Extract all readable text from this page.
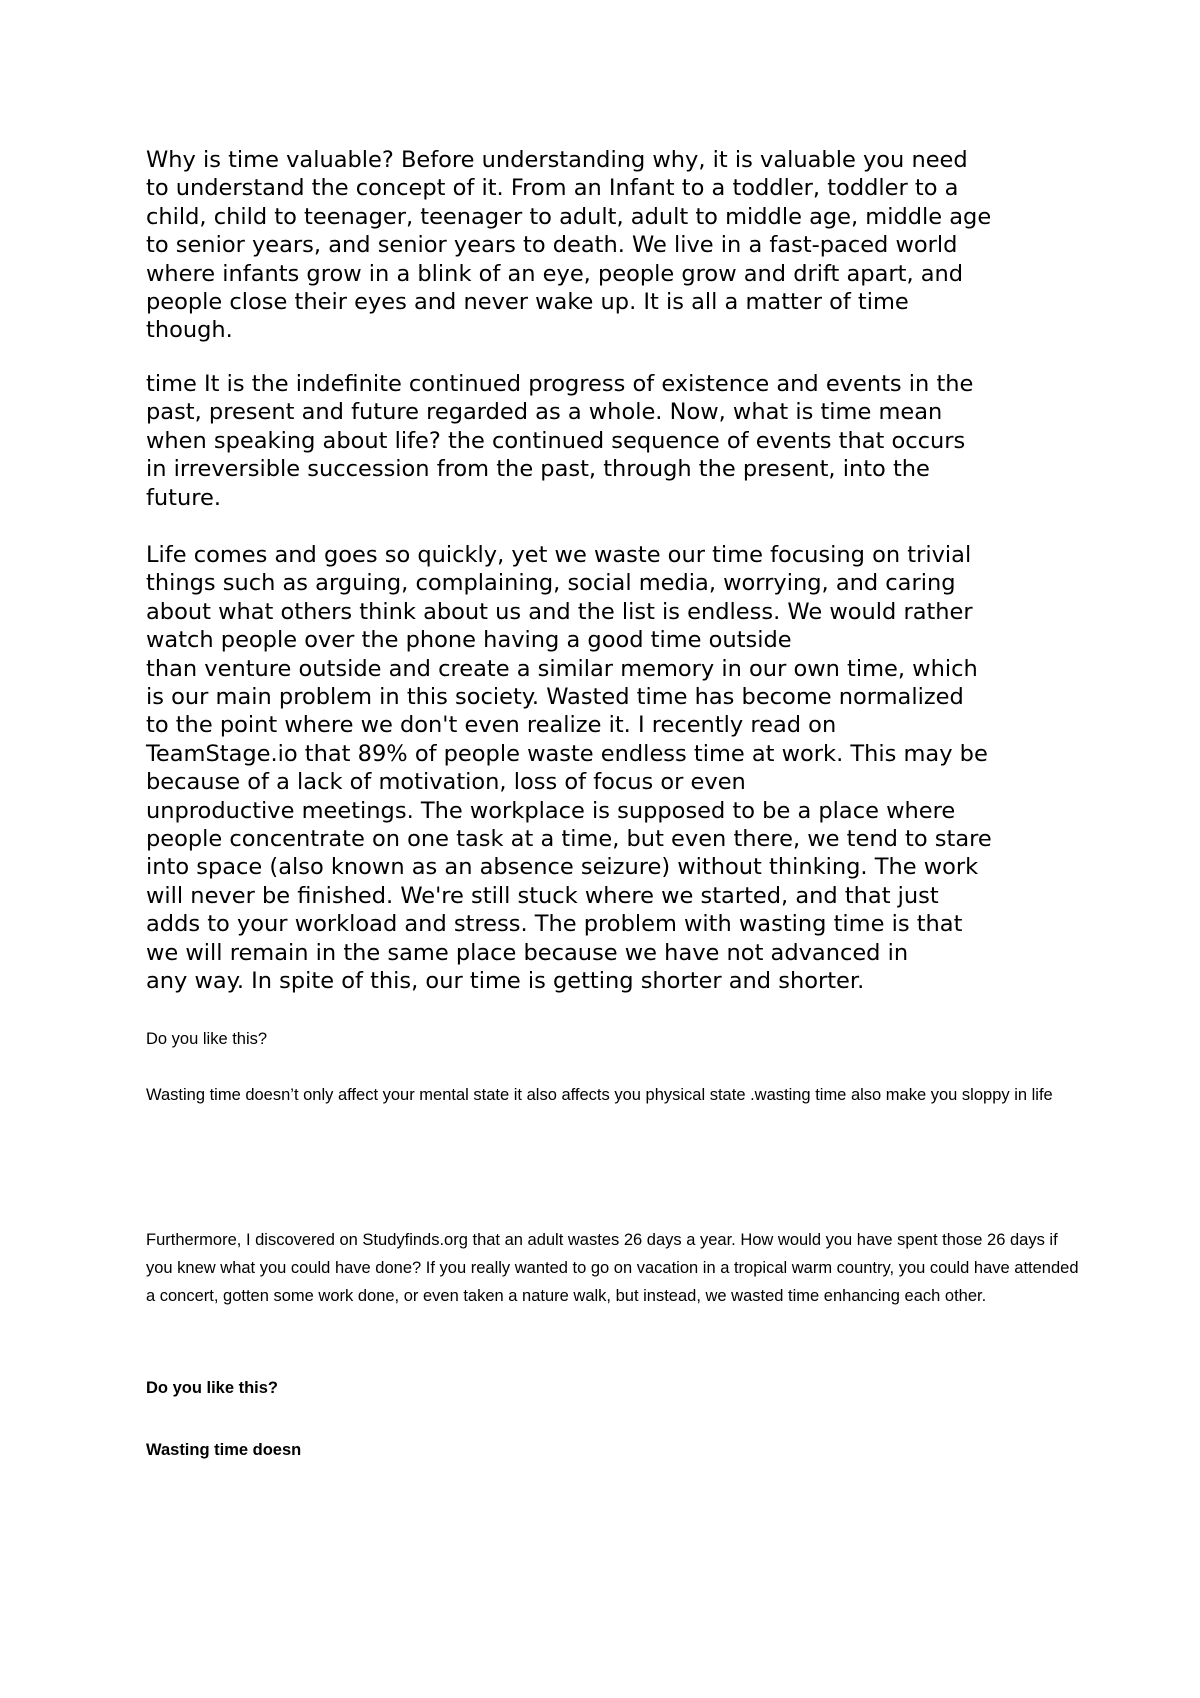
Why is time valuable? Before understanding why, it is valuable you need
to understand the concept of it. From an Infant to a toddler, toddler to a
child, child to teenager, teenager to adult, adult to middle age, middle age
to senior years, and senior years to death. We live in a fast-paced world
where infants grow in a blink of an eye, people grow and drift apart, and
people close their eyes and never wake up. It is all a matter of time
though.

time It is the indefinite continued progress of existence and events in the
past, present and future regarded as a whole. Now, what is time mean
when speaking about life? the continued sequence of events that occurs
in irreversible succession from the past, through the present, into the
future.

Life comes and goes so quickly, yet we waste our time focusing on trivial
things such as arguing, complaining, social media, worrying, and caring
about what others think about us and the list is endless. We would rather
watch people over the phone having a good time outside
than venture outside and create a similar memory in our own time, which
is our main problem in this society. Wasted time has become normalized
to the point where we don't even realize it. I recently read on
TeamStage.io that 89% of people waste endless time at work. This may be
because of a lack of motivation, loss of focus or even
unproductive meetings. The workplace is supposed to be a place where
people concentrate on one task at a time, but even there, we tend to stare
into space (also known as an absence seizure) without thinking. The work
will never be finished. We're still stuck where we started, and that just
adds to your workload and stress. The problem with wasting time is that
we will remain in the same place because we have not advanced in
any way. In spite of this, our time is getting shorter and shorter.

Do you like this?

Wasting time doesn’t only affect your mental state it also affects you physical state .wasting time also make you sloppy in life

Furthermore, I discovered on Studyfinds.org that an adult wastes 26 days a year. How would you have spent those 26 days if you knew what you could have done? If you really wanted to go on vacation in a tropical warm country, you could have attended a concert, gotten some work done, or even taken a nature walk, but instead, we wasted time enhancing each other.

Do you like this?

Wasting time doesn
